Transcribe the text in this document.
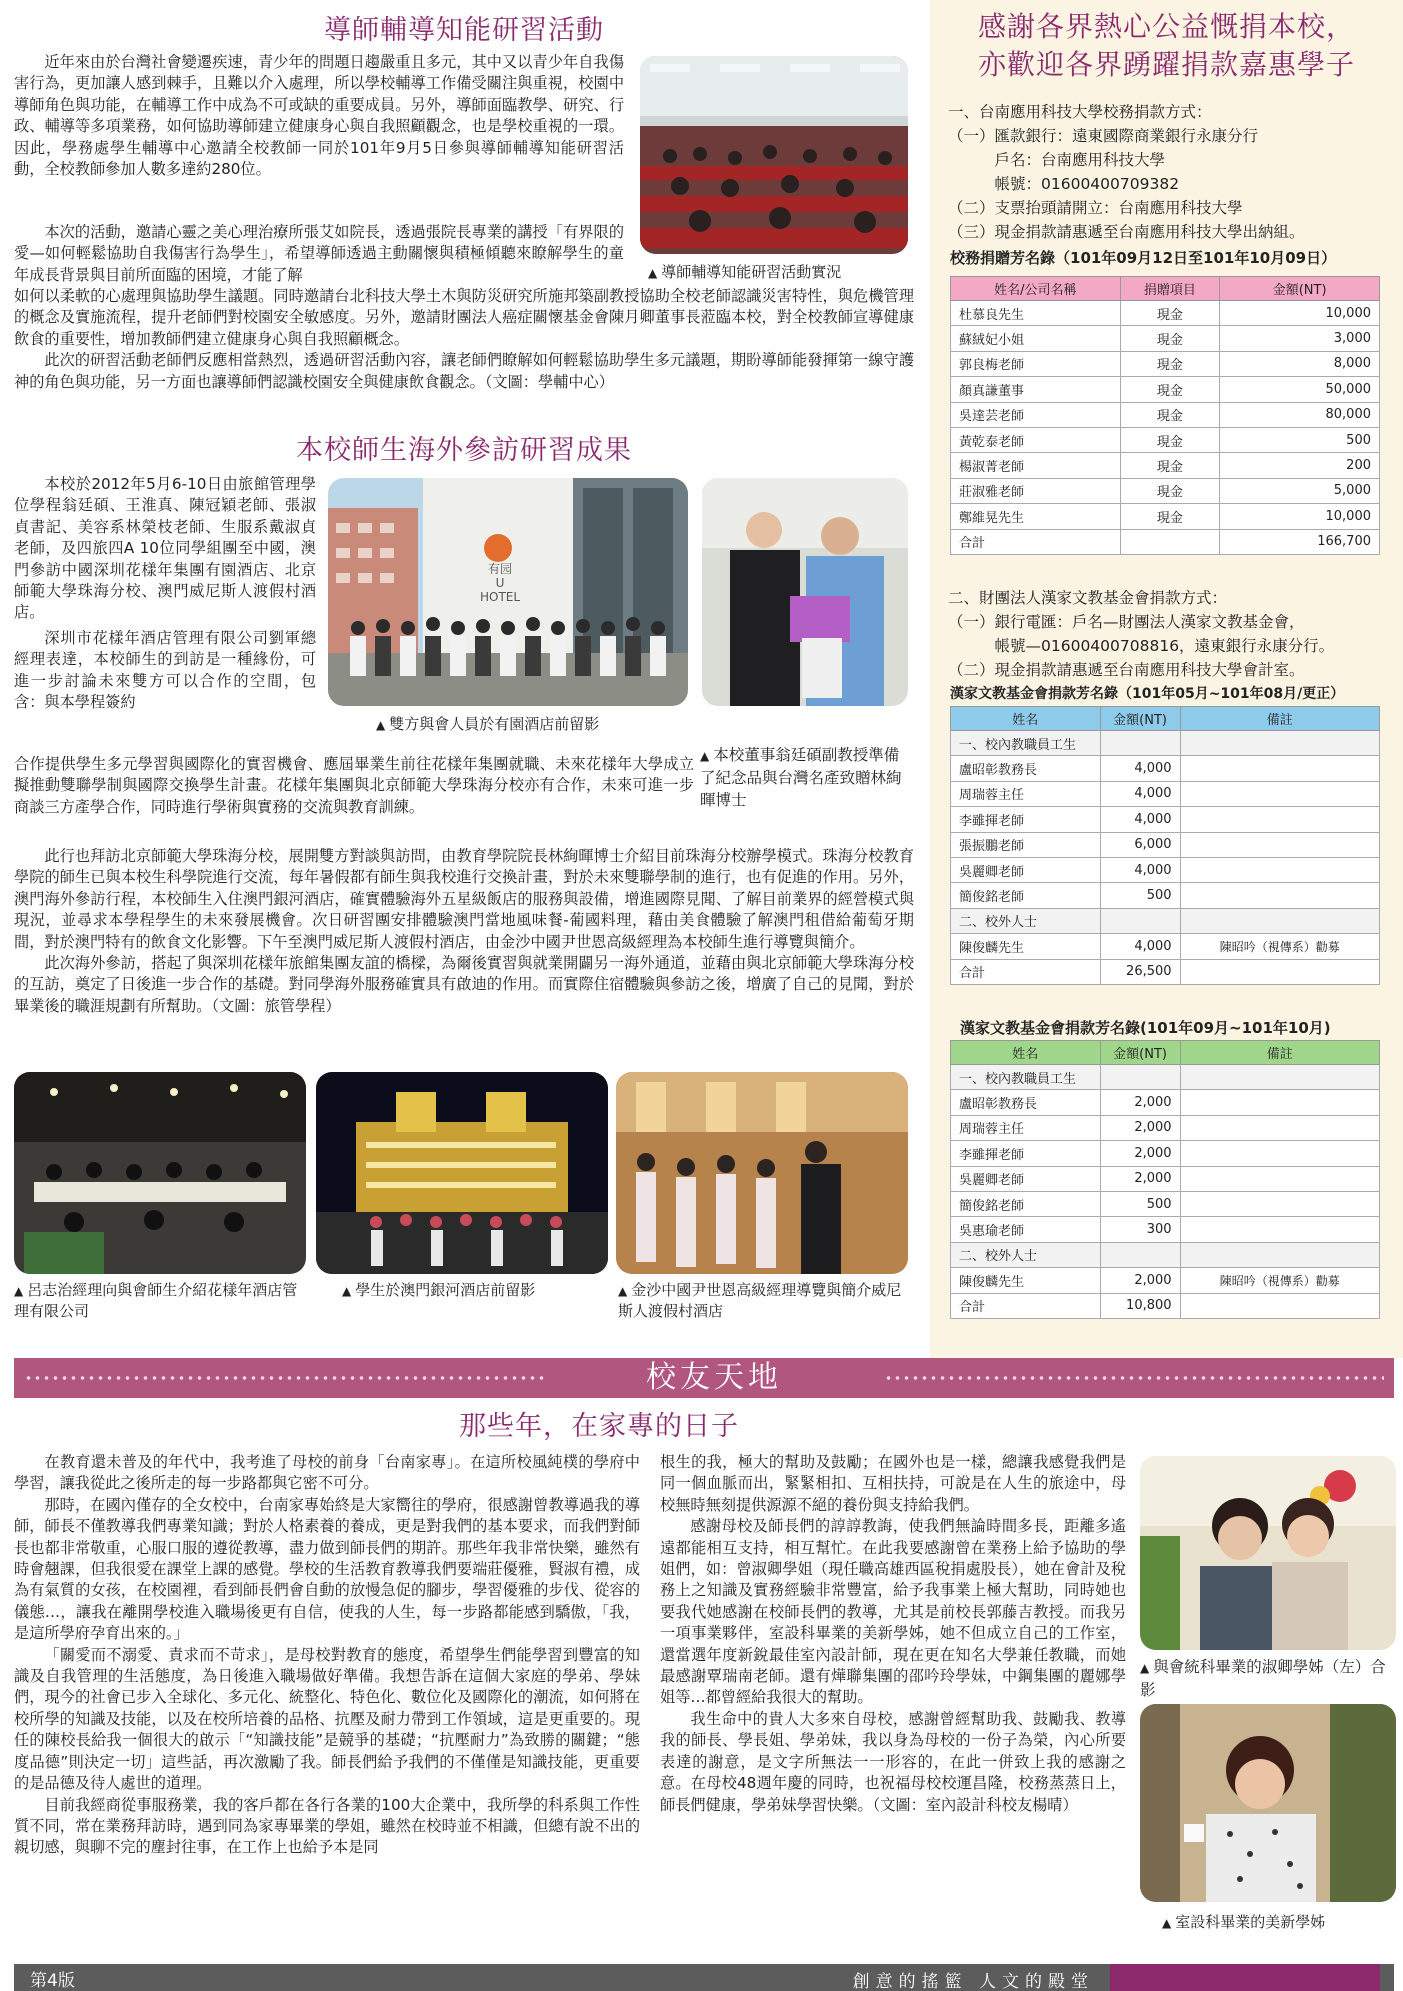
導師輔導知能研習活動

近年來由於台灣社會變遷疾速，青少年的問題日趨嚴重且多元，其中又以青少年自我傷害行為，更加讓人感到棘手，且難以介入處理，所以學校輔導工作備受關注與重視，校園中導師角色與功能，在輔導工作中成為不可或缺的重要成員。另外，導師面臨教學、研究、行政、輔導等多項業務，如何協助導師建立健康身心與自我照顧觀念，也是學校重視的一環。因此，學務處學生輔導中心邀請全校教師一同於101年9月5日參與導師輔導知能研習活動，全校教師參加人數多達約280位。

本次的活動，邀請心靈之美心理治療所張艾如院長，透過張院長專業的講授「有界限的愛—如何輕鬆協助自我傷害行為學生」，希望導師透過主動關懷與積極傾聽來瞭解學生的童年成長背景與目前所面臨的困境，才能了解

如何以柔軟的心處理與協助學生議題。同時邀請台北科技大學土木與防災研究所施邦築副教授協助全校老師認識災害特性，與危機管理的概念及實施流程，提升老師們對校園安全敏感度。另外，邀請財團法人癌症關懷基金會陳月卿董事長蒞臨本校，對全校教師宣導健康飲食的重要性，增加教師們建立健康身心與自我照顧概念。

此次的研習活動老師們反應相當熱烈，透過研習活動內容，讓老師們瞭解如何輕鬆協助學生多元議題，期盼導師能發揮第一線守護神的角色與功能，另一方面也讓導師們認識校園安全與健康飲食觀念。（文圖：學輔中心）

▲ 導師輔導知能研習活動實況
本校師生海外參訪研習成果

本校於2012年5月6-10日由旅館管理學位學程翁廷碩、王淮真、陳冠穎老師、張淑貞書記、美容系林榮枝老師、生服系戴淑貞老師，及四旅四A 10位同學組團至中國，澳門參訪中國深圳花樣年集團有園酒店、北京師範大學珠海分校、澳門威尼斯人渡假村酒店。

深圳市花樣年酒店管理有限公司劉軍總經理表達，本校師生的到訪是一種緣份，可進一步討論未來雙方可以合作的空間，包含：與本學程簽約

有园
U HOTEL
▲ 雙方與會人員於有園酒店前留影
▲ 本校董事翁廷碩副教授準備了紀念品與台灣名產致贈林絢暉博士

合作提供學生多元學習與國際化的實習機會、應屆畢業生前往花樣年集團就職、未來花樣年大學成立擬推動雙聯學制與國際交換學生計畫。花樣年集團與北京師範大學珠海分校亦有合作，未來可進一步商談三方產學合作，同時進行學術與實務的交流與教育訓練。

此行也拜訪北京師範大學珠海分校，展開雙方對談與訪問，由教育學院院長林絢暉博士介紹目前珠海分校辦學模式。珠海分校教育學院的師生已與本校生科學院進行交流，每年暑假都有師生與我校進行交換計畫，對於未來雙聯學制的進行，也有促進的作用。另外，澳門海外參訪行程，本校師生入住澳門銀河酒店，確實體驗海外五星級飯店的服務與設備，增進國際見聞、了解目前業界的經營模式與現況，並尋求本學程學生的未來發展機會。次日研習團安排體驗澳門當地風味餐-葡國料理，藉由美食體驗了解澳門租借給葡萄牙期間，對於澳門特有的飲食文化影響。下午至澳門威尼斯人渡假村酒店，由金沙中國尹世恩高級經理為本校師生進行導覽與簡介。

此次海外參訪，搭起了與深圳花樣年旅館集團友誼的橋樑，為爾後實習與就業開闢另一海外通道，並藉由與北京師範大學珠海分校的互訪，奠定了日後進一步合作的基礎。對同學海外服務確實具有啟迪的作用。而實際住宿體驗與參訪之後，增廣了自己的見聞，對於畢業後的職涯規劃有所幫助。（文圖：旅管學程）

▲ 呂志治經理向與會師生介紹花樣年酒店管理有限公司
▲ 學生於澳門銀河酒店前留影	▲ 金沙中國尹世恩高級經理導覽與簡介威尼斯人渡假村酒店
感謝各界熱心公益慨捐本校，
亦歡迎各界踴躍捐款嘉惠學子
一、台南應用科技大學校務捐款方式：
（一）匯款銀行：遠東國際商業銀行永康分行
　　　戶名：台南應用科技大學
　　　帳號：01600400709382
（二）支票抬頭請開立：台南應用科技大學
（三）現金捐款請惠遞至台南應用科技大學出納組。
校務捐贈芳名錄（101年09月12日至101年10月09日）
姓名/公司名稱	捐贈項目	金額(NT)
杜慕良先生	現金	10,000
蘇絨妃小姐	現金	3,000
郭良梅老師	現金	8,000
顏真謙董事	現金	50,000
吳達芸老師	現金	80,000
黃乾泰老師	現金	500
楊淑菁老師	現金	200
莊淑雅老師	現金	5,000
鄭維晃先生	現金	10,000
合計		166,700
二、財團法人漢家文教基金會捐款方式：
（一）銀行電匯：戶名—財團法人漢家文教基金會，
　　　帳號—01600400708816，遠東銀行永康分行。
（二）現金捐款請惠遞至台南應用科技大學會計室。
漢家文教基金會捐款芳名錄（101年05月~101年08月/更正）
姓名	金額(NT)	備註
一、校內教職員工生		
盧昭彰教務長	4,000	
周瑞蓉主任	4,000	
李雖揮老師	4,000	
張振鵬老師	6,000	
吳麗卿老師	4,000	
簡俊銘老師	500	
二、校外人士		
陳俊麟先生	4,000	陳昭吟（視傳系）勸募
合計	26,500	
漢家文教基金會捐款芳名錄(101年09月~101年10月)
姓名	金額(NT)	備註
一、校內教職員工生		
盧昭彰教務長	2,000	
周瑞蓉主任	2,000	
李雖揮老師	2,000	
吳麗卿老師	2,000	
簡俊銘老師	500	
吳惠瑜老師	300	
二、校外人士		
陳俊麟先生	2,000	陳昭吟（視傳系）勸募
合計	10,800	
校友天地
那些年，在家專的日子

在教育還未普及的年代中，我考進了母校的前身「台南家專」。在這所校風純樸的學府中學習，讓我從此之後所走的每一步路都與它密不可分。

那時，在國內僅存的全女校中，台南家專始終是大家嚮往的學府，很感謝曾教導過我的導師，師長不僅教導我們專業知識；對於人格素養的養成，更是對我們的基本要求，而我們對師長也都非常敬重，心服口服的遵從教導，盡力做到師長們的期許。那些年我非常快樂，雖然有時會翹課，但我很愛在課堂上課的感覺。學校的生活教育教導我們要端莊優雅，賢淑有禮，成為有氣質的女孩，在校園裡，看到師長們會自動的放慢急促的腳步，學習優雅的步伐、從容的儀態…，讓我在離開學校進入職場後更有自信，使我的人生，每一步路都能感到驕傲，「我，是這所學府孕育出來的。」

「關愛而不溺愛、責求而不苛求」，是母校對教育的態度，希望學生們能學習到豐富的知識及自我管理的生活態度，為日後進入職場做好準備。我想告訴在這個大家庭的學弟、學妹們，現今的社會已步入全球化、多元化、統整化、特色化、數位化及國際化的潮流，如何將在校所學的知識及技能，以及在校所培養的品格、抗壓及耐力帶到工作領域，這是更重要的。現任的陳校長給我一個很大的啟示「“知識技能”是競爭的基礎；“抗壓耐力”為致勝的關鍵；“態度品德”則決定一切」這些話，再次激勵了我。師長們給予我們的不僅僅是知識技能，更重要的是品德及待人處世的道理。

目前我經商從事服務業，我的客戶都在各行各業的100大企業中，我所學的科系與工作性質不同，常在業務拜訪時，遇到同為家專畢業的學姐，雖然在校時並不相識，但總有說不出的親切感，與聊不完的塵封往事，在工作上也給予本是同

根生的我，極大的幫助及鼓勵；在國外也是一樣，總讓我感覺我們是同一個血脈而出，緊緊相扣、互相扶持，可說是在人生的旅途中，母校無時無刻提供源源不絕的養份與支持給我們。

感謝母校及師長們的諄諄教誨，使我們無論時間多長，距離多遙遠都能相互支持，相互幫忙。在此我要感謝曾在業務上給予協助的學姐們，如：曾淑卿學姐（現任職高雄西區稅捐處股長），她在會計及稅務上之知識及實務經驗非常豐富，給予我事業上極大幫助，同時她也要我代她感謝在校師長們的教導，尤其是前校長郭藤吉教授。而我另一項事業夥伴，室設科畢業的美新學姊，她不但成立自己的工作室，還當選年度新銳最佳室內設計師，現在更在知名大學兼任教職，而她最感謝覃瑞南老師。還有燁聯集團的邵吟玲學妹，中鋼集團的麗娜學姐等…都曾經給我很大的幫助。

我生命中的貴人大多來自母校，感謝曾經幫助我、鼓勵我、教導我的師長、學長姐、學弟妹，我以身為母校的一份子為榮，內心所要表達的謝意，是文字所無法一一形容的，在此一併致上我的感謝之意。在母校48週年慶的同時，也祝福母校校運昌隆，校務蒸蒸日上，師長們健康，學弟妹學習快樂。（文圖：室內設計科校友楊晴）

▲ 與會統科畢業的淑卿學姊（左）合影
▲ 室設科畢業的美新學姊
第4版	創意的搖籃 人文的殿堂
